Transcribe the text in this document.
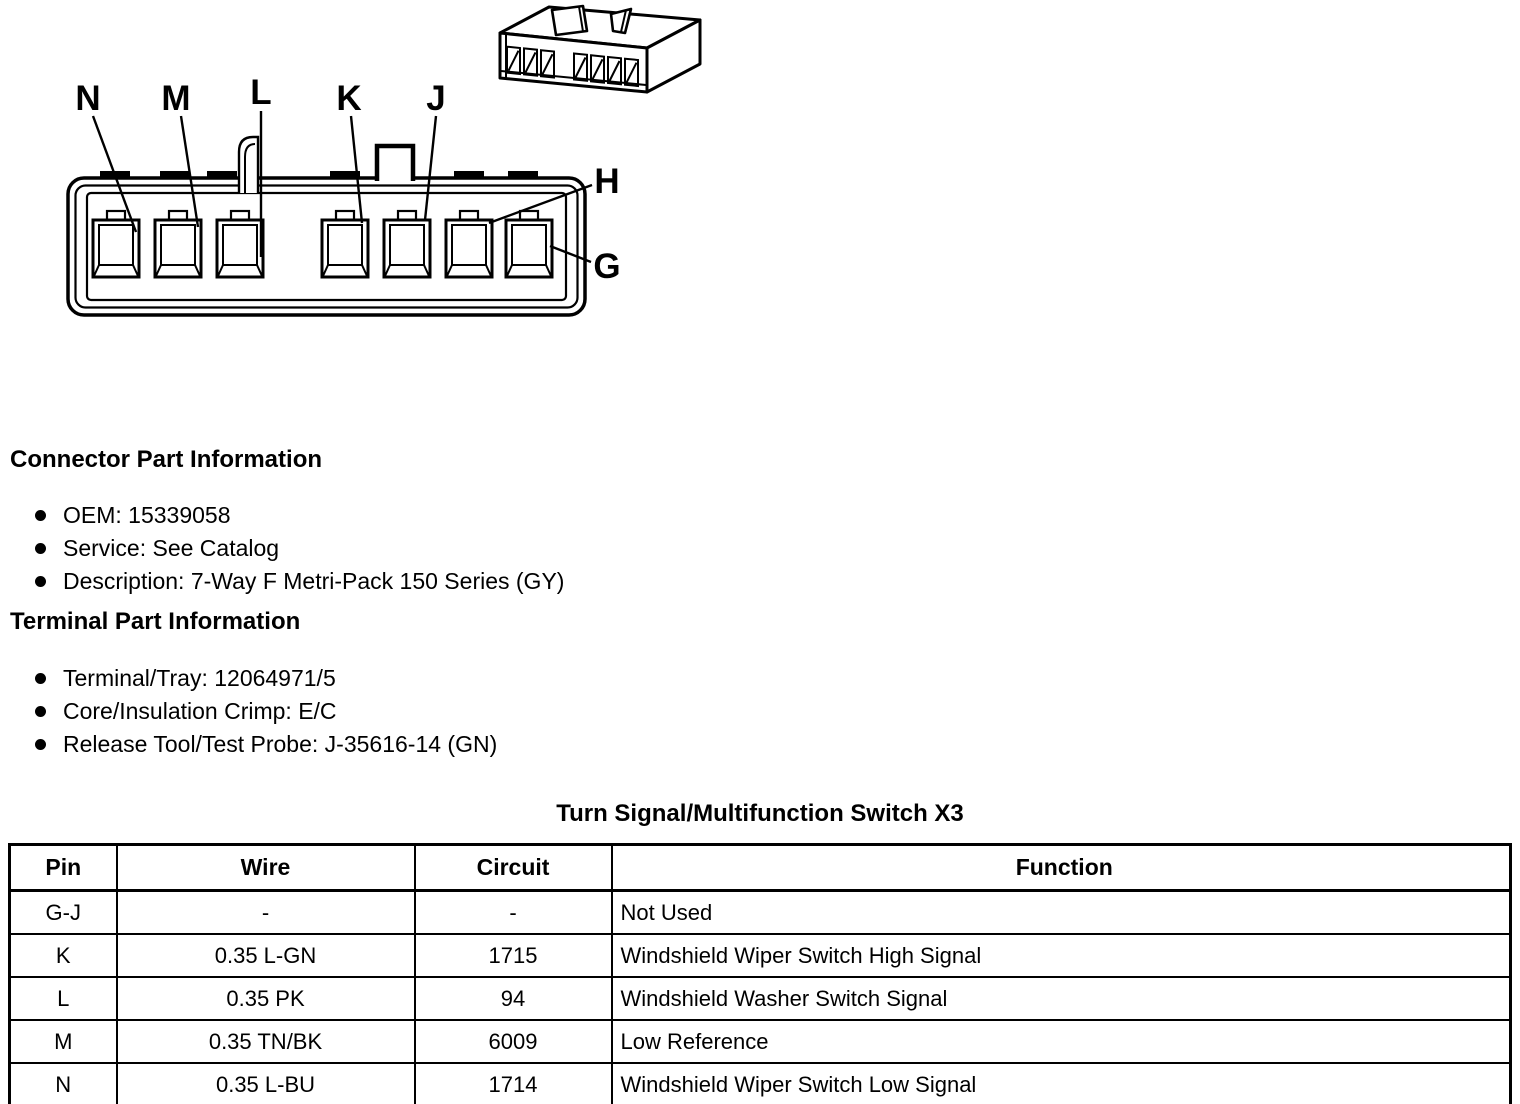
N M L K J
H
G
Connector Part Information
OEM: 15339058
Service: See Catalog
Description: 7-Way F Metri-Pack 150 Series (GY)
Terminal Part Information
Terminal/Tray: 12064971/5
Core/Insulation Crimp: E/C
Release Tool/Test Probe: J-35616-14 (GN)

Turn Signal/Multifunction Switch X3

Pin	Wire	Circuit	Function
G-J	-	-	Not Used
K	0.35 L-GN	1715	Windshield Wiper Switch High Signal
L	0.35 PK	94	Windshield Washer Switch Signal
M	0.35 TN/BK	6009	Low Reference
N	0.35 L-BU	1714	Windshield Wiper Switch Low Signal
